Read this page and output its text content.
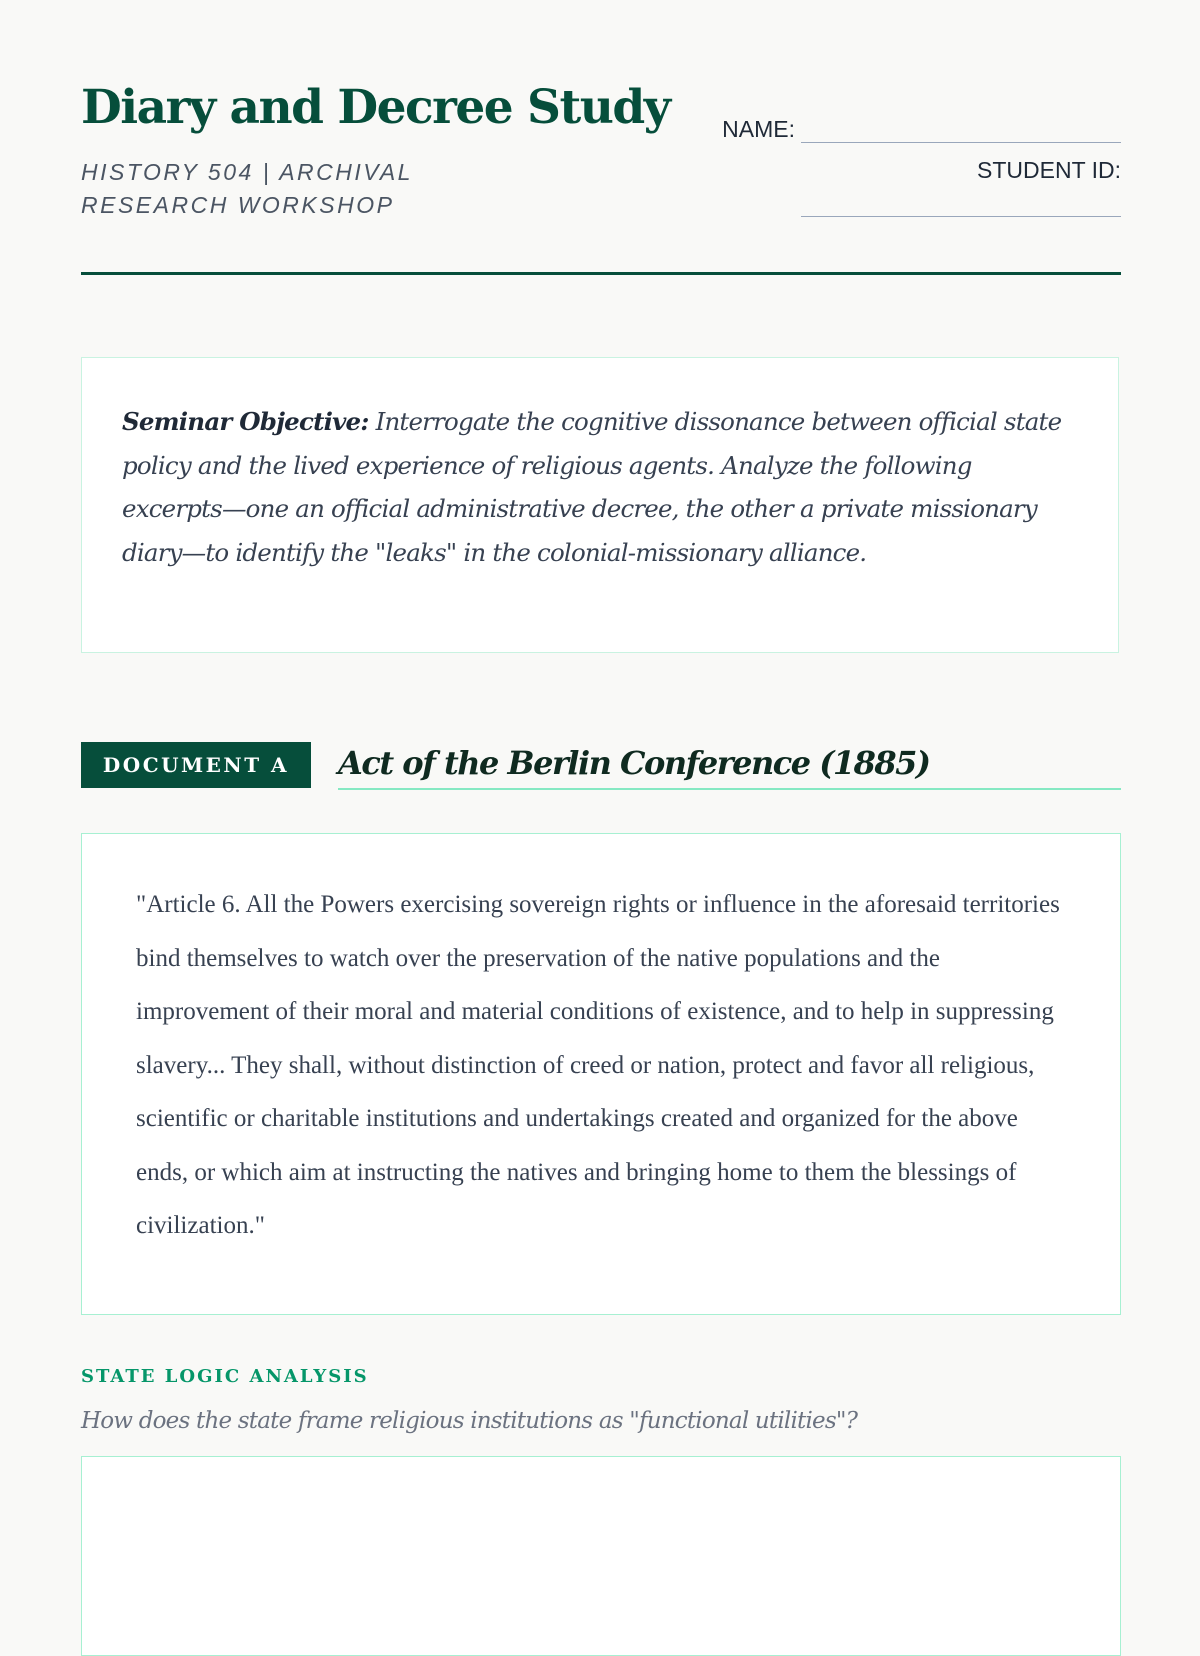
Diary and Decree Study
HISTORY 504 | ARCHIVAL RESEARCH WORKSHOP
NAME:
STUDENT ID:
Seminar Objective: Interrogate the cognitive dissonance between official state policy and the lived experience of religious agents. Analyze the following excerpts—one an official administrative decree, the other a private missionary diary—to identify the "leaks" in the colonial-missionary alliance.
DOCUMENT A	Act of the Berlin Conference (1885)
"Article 6. All the Powers exercising sovereign rights or influence in the aforesaid territories bind themselves to watch over the preservation of the native populations and the improvement of their moral and material conditions of existence, and to help in suppressing slavery... They shall, without distinction of creed or nation, protect and favor all religious, scientific or charitable institutions and undertakings created and organized for the above ends, or which aim at instructing the natives and bringing home to them the blessings of civilization."
STATE LOGIC ANALYSIS
How does the state frame religious institutions as "functional utilities"?
